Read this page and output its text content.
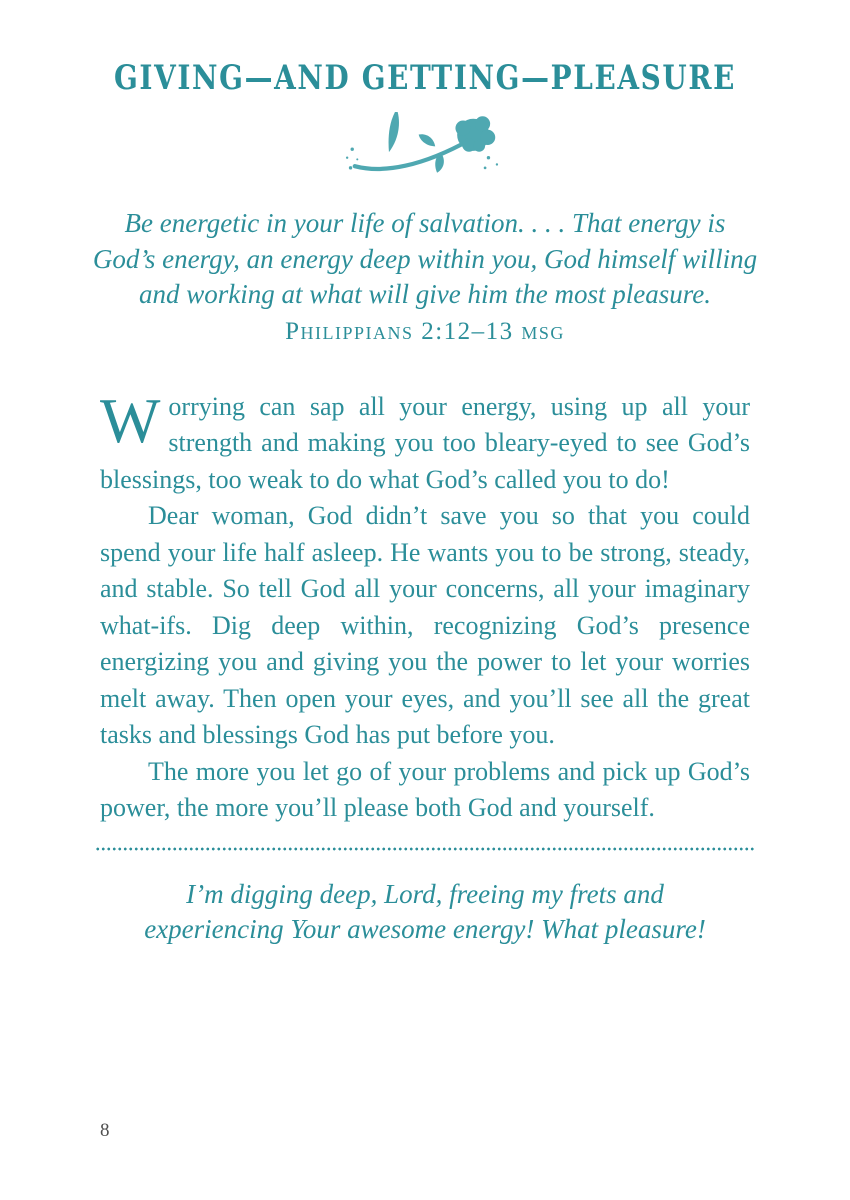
GIVING—AND GETTING—PLEASURE
Be energetic in your life of salvation. . . . That energy is
God’s energy, an energy deep within you, God himself willing
and working at what will give him the most pleasure.
Philippians 2:12–13 msg

Worrying can sap all your energy, using up all your strength and making you too bleary-eyed to see God’s blessings, too weak to do what God’s called you to do!

Dear woman, God didn’t save you so that you could spend your life half asleep. He wants you to be strong, steady, and stable. So tell God all your concerns, all your imaginary what-ifs. Dig deep within, recognizing God’s presence energizing you and giving you the power to let your worries melt away. Then open your eyes, and you’ll see all the great tasks and blessings God has put before you.

The more you let go of your problems and pick up God’s power, the more you’ll please both God and yourself.

I’m digging deep, Lord, freeing my frets and
experiencing Your awesome energy! What pleasure!
8
